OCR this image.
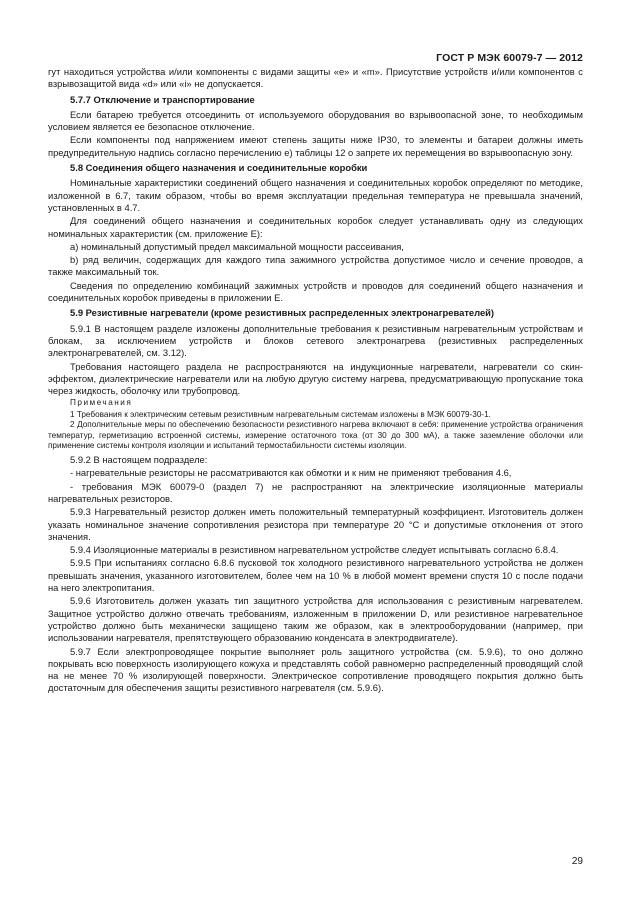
ГОСТ Р МЭК 60079-7 — 2012

гут находиться устройства и/или компоненты с видами защиты «е» и «m». Присутствие устройств и/или компонентов с взрывозащитой вида «d» или «i» не допускается.

5.7.7 Отключение и транспортирование

Если батарею требуется отсоединить от используемого оборудования во взрывоопасной зоне, то необходимым условием является ее безопасное отключение.

Если компоненты под напряжением имеют степень защиты ниже IP30, то элементы и батареи должны иметь предупредительную надпись согласно перечислению е) таблицы 12 о запрете их перемещения во взрывоопасную зону.

5.8 Соединения общего назначения и соединительные коробки

Номинальные характеристики соединений общего назначения и соединительных коробок определяют по методике, изложенной в 6.7, таким образом, чтобы во время эксплуатации предельная температура не превышала значений, установленных в 4.7.

Для соединений общего назначения и соединительных коробок следует устанавливать одну из следующих номинальных характеристик (см. приложение Е):

а) номинальный допустимый предел максимальной мощности рассеивания,

b) ряд величин, содержащих для каждого типа зажимного устройства допустимое число и сечение проводов, а также максимальный ток.

Сведения по определению комбинаций зажимных устройств и проводов для соединений общего назначения и соединительных коробок приведены в приложении Е.

5.9 Резистивные нагреватели (кроме резистивных распределенных электронагревателей)

5.9.1 В настоящем разделе изложены дополнительные требования к резистивным нагревательным устройствам и блокам, за исключением устройств и блоков сетевого электронагрева (резистивных распределенных электронагревателей, см. 3.12).

Требования настоящего раздела не распространяются на индукционные нагреватели, нагреватели со скин-эффектом, диэлектрические нагреватели или на любую другую систему нагрева, предусматривающую пропускание тока через жидкость, оболочку или трубопровод.

Примечания

1 Требования к электрическим сетевым резистивным нагревательным системам изложены в МЭК 60079-30-1.

2 Дополнительные меры по обеспечению безопасности резистивного нагрева включают в себя: применение устройства ограничения температур, герметизацию встроенной системы, измерение остаточного тока (от 30 до 300 мА), а также заземление оболочки или применение системы контроля изоляции и испытаний термостабильности системы изоляции.

5.9.2 В настоящем подразделе:

- нагревательные резисторы не рассматриваются как обмотки и к ним не применяют требования 4.6,

- требования МЭК 60079-0 (раздел 7) не распространяют на электрические изоляционные материалы нагревательных резисторов.

5.9.3 Нагревательный резистор должен иметь положительный температурный коэффициент. Изготовитель должен указать номинальное значение сопротивления резистора при температуре 20 °С и допустимые отклонения от этого значения.

5.9.4 Изоляционные материалы в резистивном нагревательном устройстве следует испытывать согласно 6.8.4.

5.9.5 При испытаниях согласно 6.8.6 пусковой ток холодного резистивного нагревательного устройства не должен превышать значения, указанного изготовителем, более чем на 10 % в любой момент времени спустя 10 с после подачи на него электропитания.

5.9.6 Изготовитель должен указать тип защитного устройства для использования с резистивным нагревателем. Защитное устройство должно отвечать требованиям, изложенным в приложении D, или резистивное нагревательное устройство должно быть механически защищено таким же образом, как в электрооборудовании (например, при использовании нагревателя, препятствующего образованию конденсата в электродвигателе).

5.9.7 Если электропроводящее покрытие выполняет роль защитного устройства (см. 5.9.6), то оно должно покрывать всю поверхность изолирующего кожуха и представлять собой равномерно распределенный проводящий слой на не менее 70 % изолирующей поверхности. Электрическое сопротивление проводящего покрытия должно быть достаточным для обеспечения защиты резистивного нагревателя (см. 5.9.6).

29
